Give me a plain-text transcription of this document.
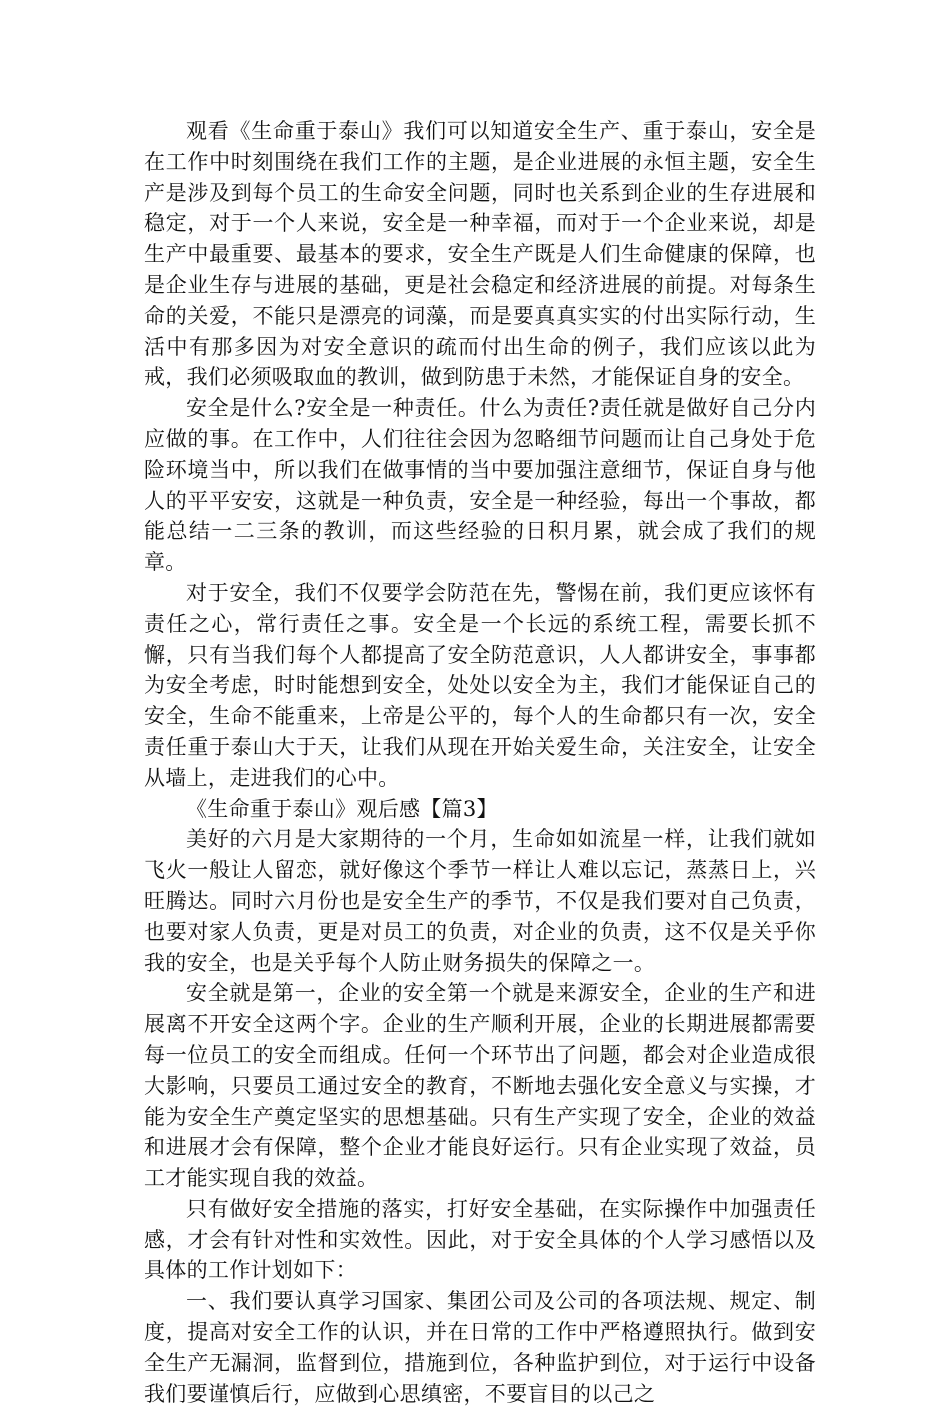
观看《生命重于泰山》我们可以知道安全生产、重于泰山，安全是在工作中时刻围绕在我们工作的主题，是企业进展的永恒主题，安全生产是涉及到每个员工的生命安全问题，同时也关系到企业的生存进展和稳定，对于一个人来说，安全是一种幸福，而对于一个企业来说，却是生产中最重要、最基本的要求，安全生产既是人们生命健康的保障，也是企业生存与进展的基础，更是社会稳定和经济进展的前提。对每条生命的关爱，不能只是漂亮的词藻，而是要真真实实的付出实际行动，生活中有那多因为对安全意识的疏而付出生命的例子，我们应该以此为戒，我们必须吸取血的教训，做到防患于未然，才能保证自身的安全。

安全是什么?安全是一种责任。什么为责任?责任就是做好自己分内应做的事。在工作中，人们往往会因为忽略细节问题而让自己身处于危险环境当中，所以我们在做事情的当中要加强注意细节，保证自身与他人的平平安安，这就是一种负责，安全是一种经验，每出一个事故，都能总结一二三条的教训，而这些经验的日积月累，就会成了我们的规章。

对于安全，我们不仅要学会防范在先，警惕在前，我们更应该怀有责任之心，常行责任之事。安全是一个长远的系统工程，需要长抓不懈，只有当我们每个人都提高了安全防范意识，人人都讲安全，事事都为安全考虑，时时能想到安全，处处以安全为主，我们才能保证自己的安全，生命不能重来，上帝是公平的，每个人的生命都只有一次，安全责任重于泰山大于天，让我们从现在开始关爱生命，关注安全，让安全从墙上，走进我们的心中。

《生命重于泰山》观后感【篇3】

美好的六月是大家期待的一个月，生命如如流星一样，让我们就如飞火一般让人留恋，就好像这个季节一样让人难以忘记，蒸蒸日上，兴旺腾达。同时六月份也是安全生产的季节，不仅是我们要对自己负责，也要对家人负责，更是对员工的负责，对企业的负责，这不仅是关乎你我的安全，也是关乎每个人防止财务损失的保障之一。

安全就是第一，企业的安全第一个就是来源安全，企业的生产和进展离不开安全这两个字。企业的生产顺利开展，企业的长期进展都需要每一位员工的安全而组成。任何一个环节出了问题，都会对企业造成很大影响，只要员工通过安全的教育，不断地去强化安全意义与实操，才能为安全生产奠定坚实的思想基础。只有生产实现了安全，企业的效益和进展才会有保障，整个企业才能良好运行。只有企业实现了效益，员工才能实现自我的效益。

只有做好安全措施的落实，打好安全基础，在实际操作中加强责任感，才会有针对性和实效性。因此，对于安全具体的个人学习感悟以及具体的工作计划如下：

一、我们要认真学习国家、集团公司及公司的各项法规、规定、制度，提高对安全工作的认识，并在日常的工作中严格遵照执行。做到安全生产无漏洞，监督到位，措施到位，各种监护到位，对于运行中设备我们要谨慎后行，应做到心思缜密，不要盲目的以己之
